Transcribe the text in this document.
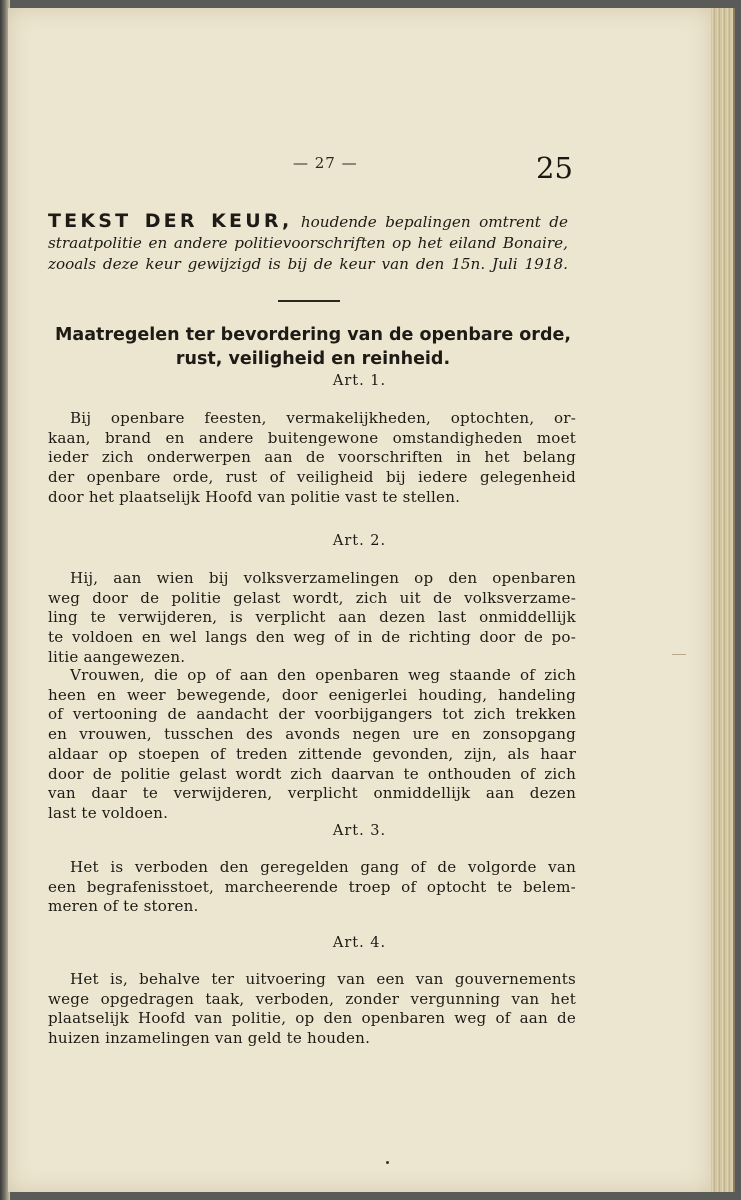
— 27 —	25
TEKST DER KEUR, houdende bepalingen omtrent de
straatpolitie en andere politievoorschriften op het eiland Bonaire,
zooals deze keur gewijzigd is bij de keur van den 15n. Juli 1918.
Maatregelen ter bevordering van de openbare orde,
rust, veiligheid en reinheid.
Art. 1.
Bij openbare feesten, vermakelijkheden, optochten, or-
kaan, brand en andere buitengewone omstandigheden moet
ieder zich onderwerpen aan de voorschriften in het belang
der openbare orde, rust of veiligheid bij iedere gelegenheid
door het plaatselijk Hoofd van politie vast te stellen.
Art. 2.
Hij, aan wien bij volksverzamelingen op den openbaren
weg door de politie gelast wordt, zich uit de volksverzame-
ling te verwijderen, is verplicht aan dezen last onmiddellijk
te voldoen en wel langs den weg of in de richting door de po-
litie aangewezen.
Vrouwen, die op of aan den openbaren weg staande of zich
heen en weer bewegende, door eenigerlei houding, handeling
of vertooning de aandacht der voorbijgangers tot zich trekken
en vrouwen, tusschen des avonds negen ure en zonsopgang
aldaar op stoepen of treden zittende gevonden, zijn, als haar
door de politie gelast wordt zich daarvan te onthouden of zich
van daar te verwijderen, verplicht onmiddellijk aan dezen
last te voldoen.
Art. 3.
Het is verboden den geregelden gang of de volgorde van
een begrafenisstoet, marcheerende troep of optocht te belem-
meren of te storen.
Art. 4.
Het is, behalve ter uitvoering van een van gouvernements
wege opgedragen taak, verboden, zonder vergunning van het
plaatselijk Hoofd van politie, op den openbaren weg of aan de
huizen inzamelingen van geld te houden.
